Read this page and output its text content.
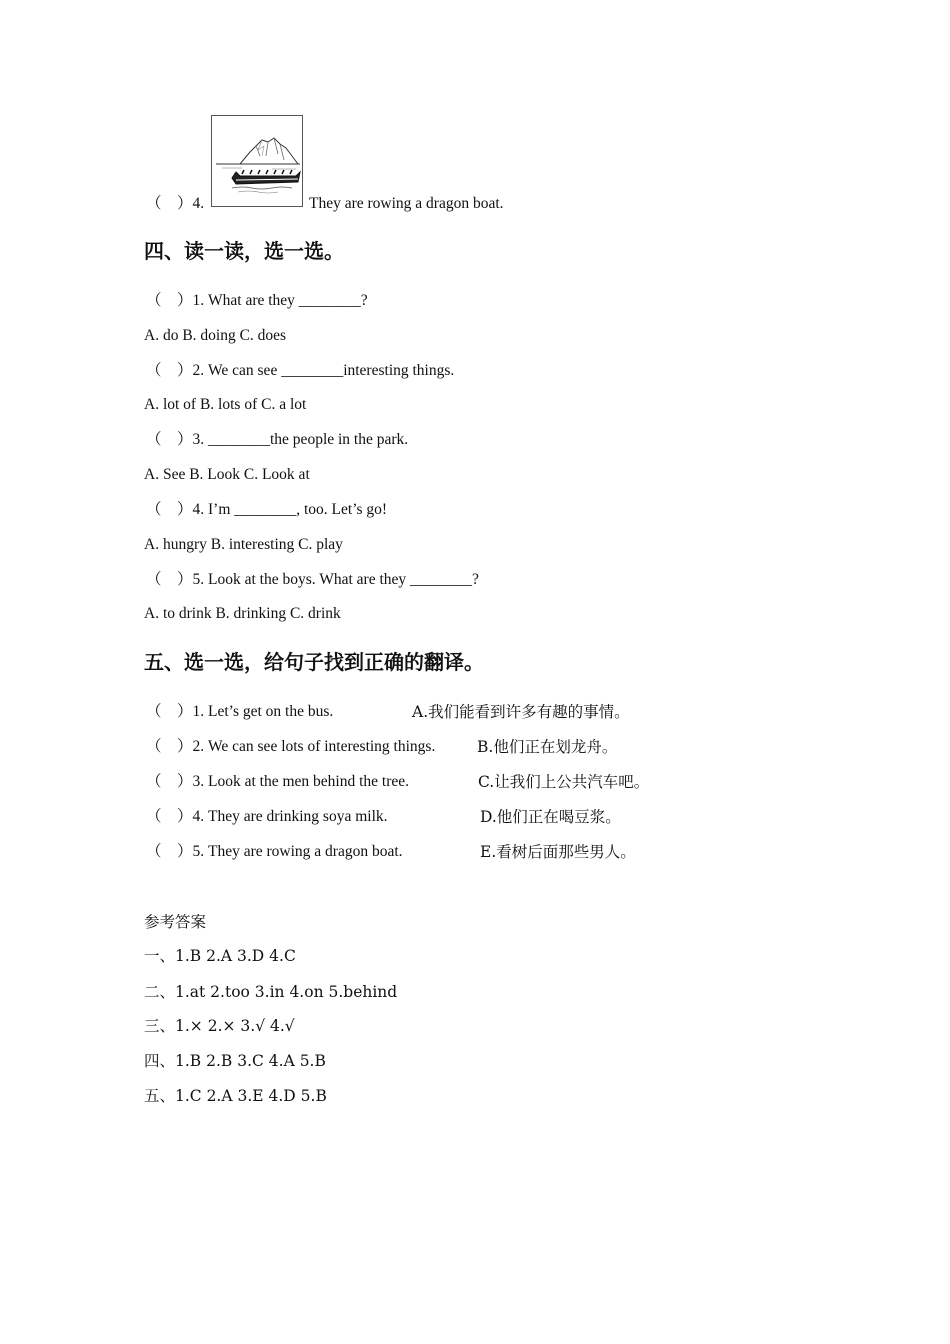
（　）4.	They are rowing a dragon boat.
四、读一读，选一选。
（　）1. What are they ________?
A. do B. doing C. does
（　）2. We can see ________interesting things.
A. lot of B. lots of C. a lot
（　）3. ________the people in the park.
A. See B. Look C. Look at
（　）4. I’m ________, too. Let’s go!
A. hungry B. interesting C. play
（　）5. Look at the boys. What are they ________?
A. to drink B. drinking C. drink
五、选一选，给句子找到正确的翻译。
（　）1. Let’s get on the bus.	A.我们能看到许多有趣的事情。
（　）2. We can see lots of interesting things.	B.他们正在划龙舟。
（　）3. Look at the men behind the tree.	C.让我们上公共汽车吧。
（　）4. They are drinking soya milk.	D.他们正在喝豆浆。
（　）5. They are rowing a dragon boat.	E.看树后面那些男人。
参考答案
一、1.B 2.A 3.D 4.C
二、1.at 2.too 3.in 4.on 5.behind
三、1.× 2.× 3.√ 4.√
四、1.B 2.B 3.C 4.A 5.B
五、1.C 2.A 3.E 4.D 5.B
